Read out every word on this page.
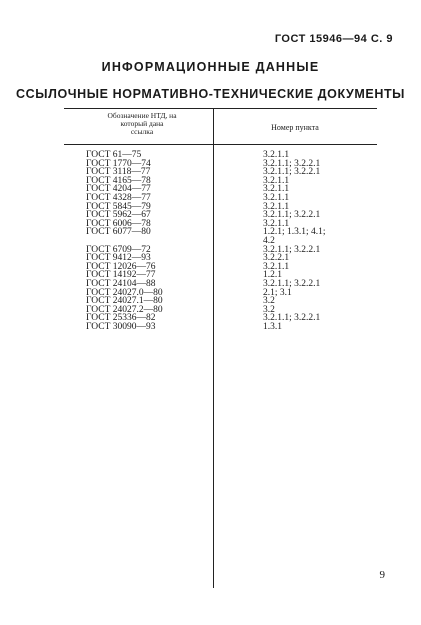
ГОСТ 15946—94 С. 9
ИНФОРМАЦИОННЫЕ ДАННЫЕ
ССЫЛОЧНЫЕ НОРМАТИВНО-ТЕХНИЧЕСКИЕ ДОКУМЕНТЫ
Обозначение НТД, на
который дана
ссылка	Номер пункта
ГОСТ 61—75	3.2.1.1
ГОСТ 1770—74	3.2.1.1; 3.2.2.1
ГОСТ 3118—77	3.2.1.1; 3.2.2.1
ГОСТ 4165—78	3.2.1.1
ГОСТ 4204—77	3.2.1.1
ГОСТ 4328—77	3.2.1.1
ГОСТ 5845—79	3.2.1.1
ГОСТ 5962—67	3.2.1.1; 3.2.2.1
ГОСТ 6006—78	3.2.1.1
ГОСТ 6077—80	1.2.1; 1.3.1; 4.1;
4.2
ГОСТ 6709—72	3.2.1.1; 3.2.2.1
ГОСТ 9412—93	3.2.2.1
ГОСТ 12026—76	3.2.1.1
ГОСТ 14192—77	1.2.1
ГОСТ 24104—88	3.2.1.1; 3.2.2.1
ГОСТ 24027.0—80	2.1; 3.1
ГОСТ 24027.1—80	3.2
ГОСТ 24027.2—80	3.2
ГОСТ 25336—82	3.2.1.1; 3.2.2.1
ГОСТ 30090—93	1.3.1
9
